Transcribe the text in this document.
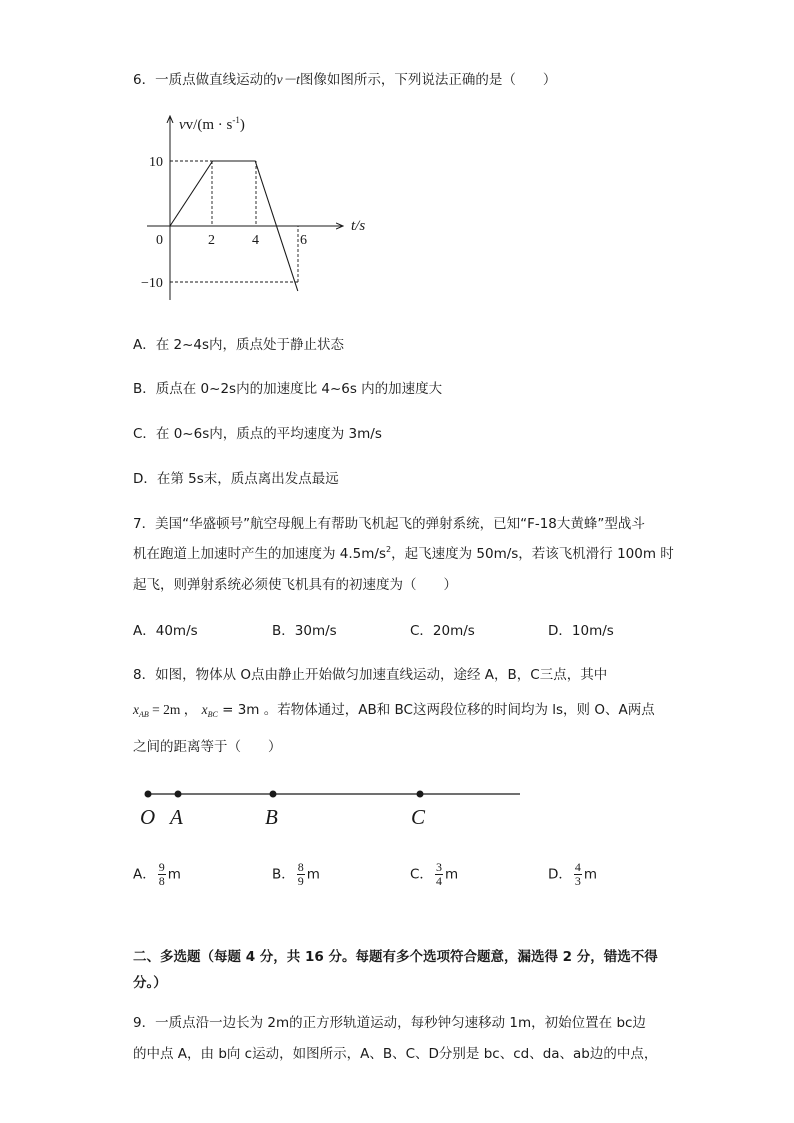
6．一质点做直线运动的v－t图像如图所示，下列说法正确的是（　　）
$vv/(m \cdot s^{-1})$
t/s
0
10
−10
2	4	6
A．在 2~4s内，质点处于静止状态
B．质点在 0~2s内的加速度比 4~6s 内的加速度大
C．在 0~6s内，质点的平均速度为 3m/s
D．在第 5s末，质点离出发点最远
7．美国“华盛顿号”航空母舰上有帮助飞机起飞的弹射系统，已知“F-18大黄蜂”型战斗
机在跑道上加速时产生的加速度为 $4.5m/s^2$，起飞速度为 50m/s，若该飞机滑行 100m 时
起飞，则弹射系统必须使飞机具有的初速度为（　　）
A．40m/s	B．30m/s	C．20m/s	D．10m/s
8．如图，物体从 O点由静止开始做匀加速直线运动，途经 A，B，C三点，其中
$x_{AB} = 2m$ ， $x_{BC} = 3m$ 。若物体通过，AB和 BC这两段位移的时间均为 ls，则 O、A两点
之间的距离等于（　　）
O A	B	C
A． $\frac{9}{8}$ m	B． $\frac{8}{9}$ m	C． $\frac{3}{4}$ m	D． $\frac{4}{3}$ m
二、多选题（每题 4 分，共 16 分。每题有多个选项符合题意，漏选得 2 分，错选不得
分。）
9．一质点沿一边长为 2m的正方形轨道运动，每秒钟匀速移动 1m，初始位置在 bc边
的中点 A，由 b向 c运动，如图所示，A、B、C、D分别是 bc、cd、da、ab边的中点，
